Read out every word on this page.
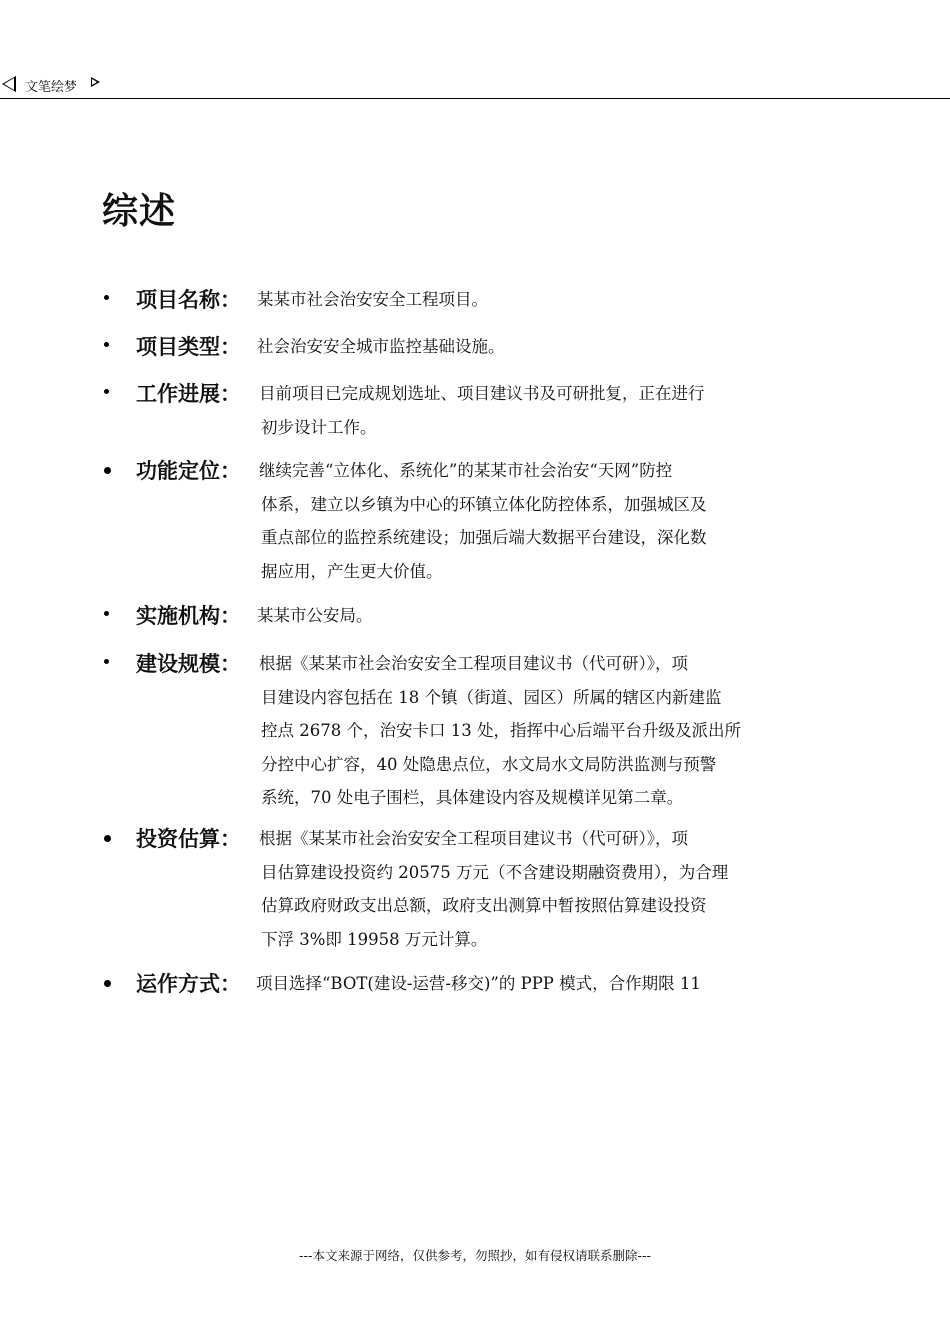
文笔绘梦
综述
项目名称： 某某市社会治安安全工程项目。
项目类型： 社会治安安全城市监控基础设施。
工作进展： 目前项目已完成规划选址、项目建议书及可研批复，正在进行
初步设计工作。
功能定位： 继续完善“立体化、系统化”的某某市社会治安“天网”防控
体系，建立以乡镇为中心的环镇立体化防控体系，加强城区及
重点部位的监控系统建设；加强后端大数据平台建设，深化数
据应用，产生更大价值。
实施机构： 某某市公安局。
建设规模： 根据《某某市社会治安安全工程项目建议书（代可研）》，项
目建设内容包括在 18 个镇（街道、园区）所属的辖区内新建监
控点 2678 个，治安卡口 13 处，指挥中心后端平台升级及派出所
分控中心扩容，40 处隐患点位，水文局水文局防洪监测与预警
系统，70 处电子围栏，具体建设内容及规模详见第二章。
投资估算： 根据《某某市社会治安安全工程项目建议书（代可研）》，项
目估算建设投资约 20575 万元（不含建设期融资费用），为合理
估算政府财政支出总额，政府支出测算中暂按照估算建设投资
下浮 3%即 19958 万元计算。
运作方式： 项目选择“BOT(建设-运营-移交)”的 PPP 模式，合作期限 11
---本文来源于网络，仅供参考，勿照抄，如有侵权请联系删除---
